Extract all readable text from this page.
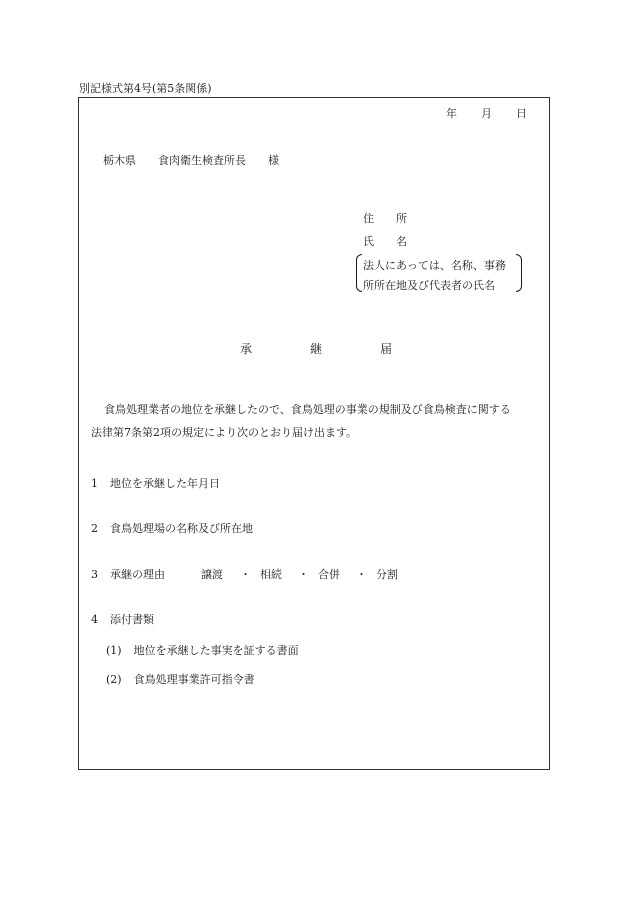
別記様式第4号(第5条関係)
年 月 日
栃木県 食肉衛生検査所長 様
住　　所
氏　　名
法人にあっては、名称、事務
所所在地及び代表者の氏名
承	継	届
食鳥処理業者の地位を承継したので、食鳥処理の事業の規制及び食鳥検査に関する
法律第7条第2項の規定により次のとおり届け出ます。
1 地位を承継した年月日
2 食鳥処理場の名称及び所在地
3 承継の理由	譲渡 ・ 相続 ・ 合併 ・ 分割
4 添付書類
(1) 地位を承継した事実を証する書面
(2) 食鳥処理事業許可指令書
